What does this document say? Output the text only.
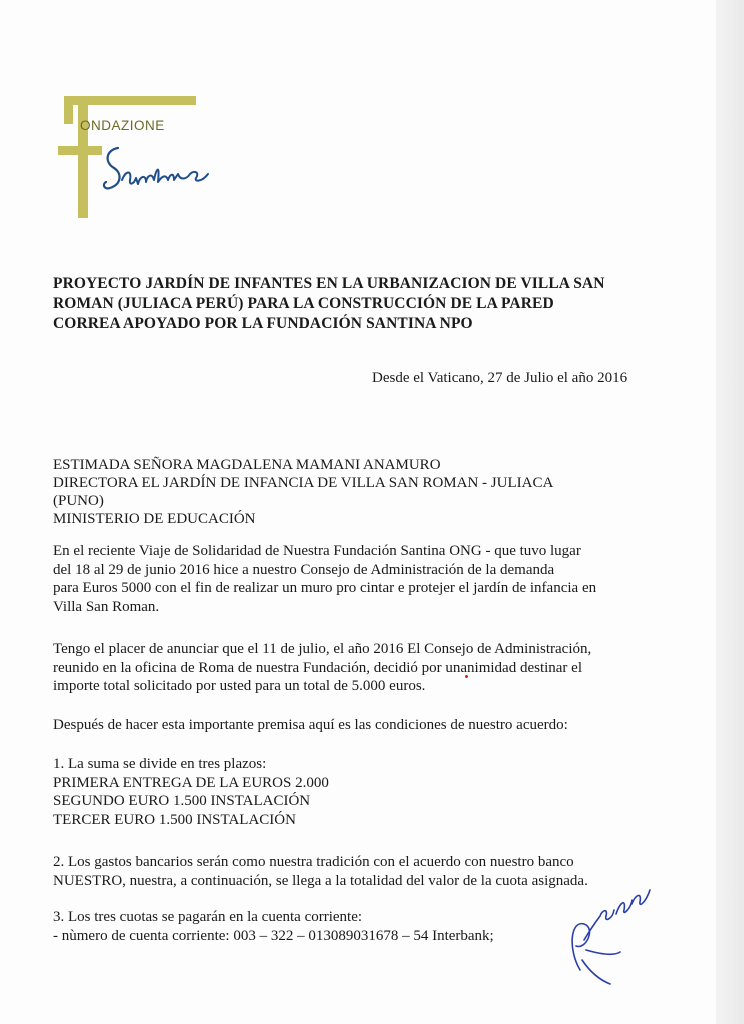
ONDAZIONE
PROYECTO JARDÍN DE INFANTES EN LA URBANIZACION DE VILLA SAN
ROMAN (JULIACA PERÚ) PARA LA CONSTRUCCIÓN DE LA PARED
CORREA APOYADO POR LA FUNDACIÓN SANTINA NPO
Desde el Vaticano, 27 de Julio el año 2016
ESTIMADA SEÑORA MAGDALENA MAMANI ANAMURO
DIRECTORA EL JARDÍN DE INFANCIA DE VILLA SAN ROMAN - JULIACA
(PUNO)
MINISTERIO DE EDUCACIÓN
En el reciente Viaje de Solidaridad de Nuestra Fundación Santina ONG - que tuvo lugar
del 18 al 29 de junio 2016 hice a nuestro Consejo de Administración de la demanda
para Euros 5000 con el fin de realizar un muro pro cintar e protejer el jardín de infancia en
Villa San Roman.
Tengo el placer de anunciar que el 11 de julio, el año 2016 El Consejo de Administración,
reunido en la oficina de Roma de nuestra Fundación, decidió por unanimidad destinar el
importe total solicitado por usted para un total de 5.000 euros.
Después de hacer esta importante premisa aquí es las condiciones de nuestro acuerdo:
1. La suma se divide en tres plazos:
PRIMERA ENTREGA DE LA EUROS 2.000
SEGUNDO EURO 1.500 INSTALACIÓN
TERCER EURO 1.500 INSTALACIÓN
2. Los gastos bancarios serán como nuestra tradición con el acuerdo con nuestro banco
NUESTRO, nuestra, a continuación, se llega a la totalidad del valor de la cuota asignada.
3. Los tres cuotas se pagarán en la cuenta corriente:
- nùmero de cuenta corriente: 003 – 322 – 013089031678 – 54 Interbank;
